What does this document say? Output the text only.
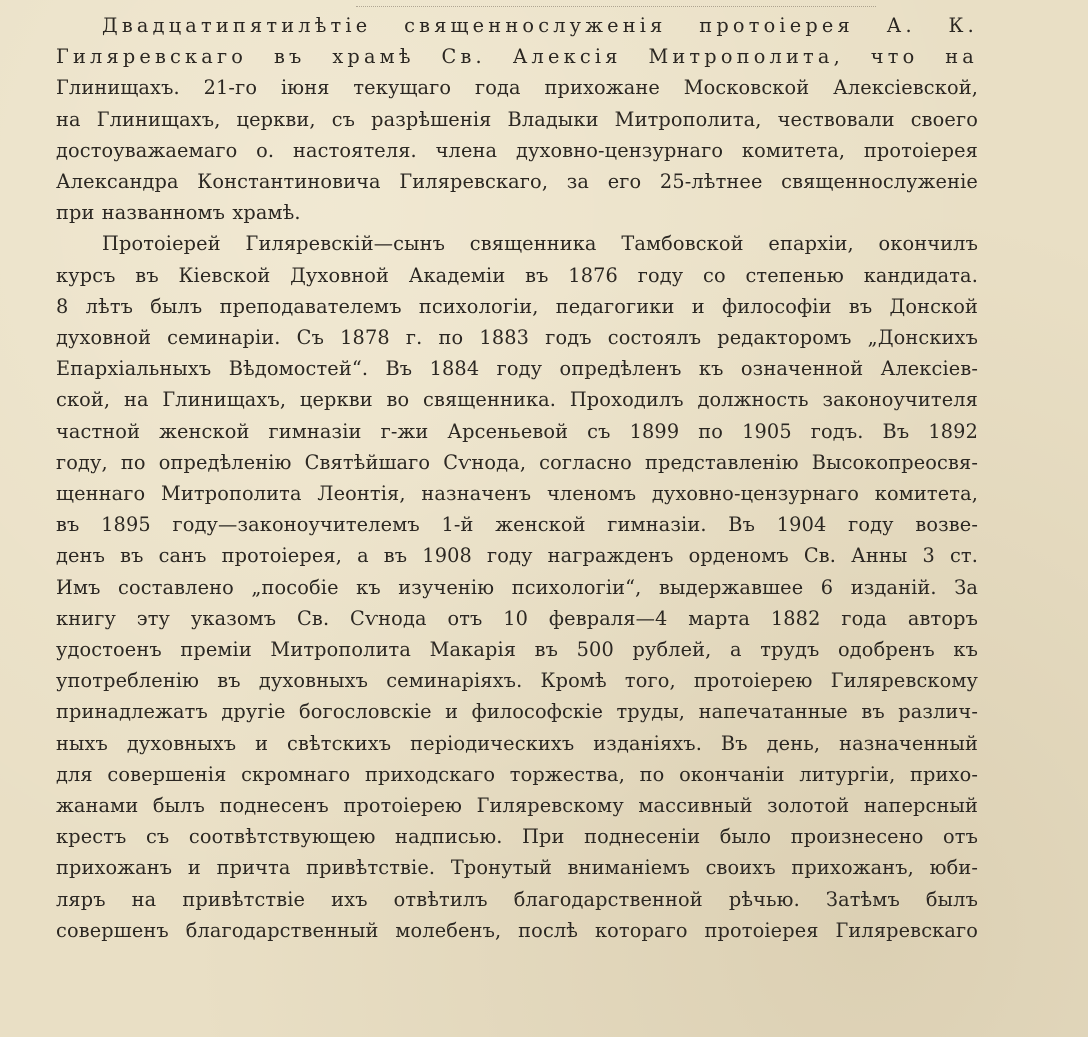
Двадцатипятилѣтіе священнослуженія протоіерея А. К.
Гиляревскаго въ храмѣ Св. Алексія Митрополита, что на
Глинищахъ. 21-го іюня текущаго года прихожане Московской Алексіевской,
на Глинищахъ, церкви, съ разрѣшенія Владыки Митрополита, чествовали своего
достоуважаемаго о. настоятеля. члена духовно-цензурнаго комитета, протоіерея
Александра Константиновича Гиляревскаго, за его 25-лѣтнее священнослуженіе
при названномъ храмѣ.

Протоіерей Гиляревскій—сынъ священника Тамбовской епархіи, окончилъ
курсъ въ Кіевской Духовной Академіи въ 1876 году со степенью кандидата.
8 лѣтъ былъ преподавателемъ психологіи, педагогики и философіи въ Донской
духовной семинаріи. Съ 1878 г. по 1883 годъ состоялъ редакторомъ „Донскихъ
Епархіальныхъ Вѣдомостей“. Въ 1884 году опредѣленъ къ означенной Алексіев-
ской, на Глинищахъ, церкви во священника. Проходилъ должность законоучителя
частной женской гимназіи г-жи Арсеньевой съ 1899 по 1905 годъ. Въ 1892
году, по опредѣленію Святѣйшаго Сѵнода, согласно представленію Высокопреосвя-
щеннаго Митрополита Леонтія, назначенъ членомъ духовно-цензурнаго комитета,
въ 1895 году—законоучителемъ 1-й женской гимназіи. Въ 1904 году возве-
денъ въ санъ протоіерея, а въ 1908 году награжденъ орденомъ Св. Анны 3 ст.
Имъ составлено „пособіе къ изученію психологіи“, выдержавшее 6 изданій. За
книгу эту указомъ Св. Сѵнода отъ 10 февраля—4 марта 1882 года авторъ
удостоенъ преміи Митрополита Макарія въ 500 рублей, а трудъ одобренъ къ
употребленію въ духовныхъ семинаріяхъ. Кромѣ того, протоіерею Гиляревскому
принадлежатъ другіе богословскіе и философскіе труды, напечатанные въ различ-
ныхъ духовныхъ и свѣтскихъ періодическихъ изданіяхъ. Въ день, назначенный
для совершенія скромнаго приходскаго торжества, по окончаніи литургіи, прихо-
жанами былъ поднесенъ протоіерею Гиляревскому массивный золотой наперсный
крестъ съ соотвѣтствующею надписью. При поднесеніи было произнесено отъ
прихожанъ и причта привѣтствіе. Тронутый вниманіемъ своихъ прихожанъ, юби-
ляръ на привѣтствіе ихъ отвѣтилъ благодарственной рѣчью. Затѣмъ былъ
совершенъ благодарственный молебенъ, послѣ котораго протоіерея Гиляревскаго
